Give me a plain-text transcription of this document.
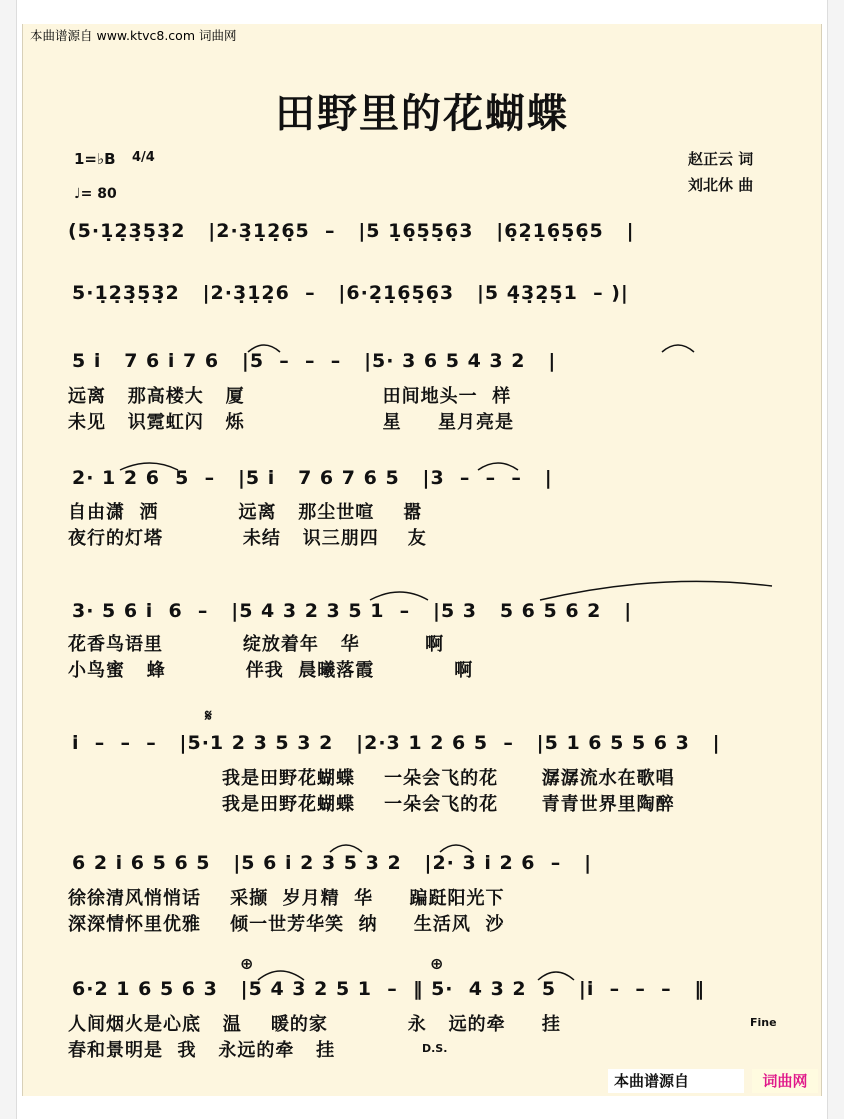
本曲谱源自 www.ktvc8.com 词曲网
田野里的花蝴蝶
1=♭B 4/4
♩= 80
赵正云 词
刘北休 曲
(5·1̣2̣3̣5̣3̣2   |2·3̣1̣2̣6̣5  –   |5 1̣6̣5̣5̣6̣3   |6̣2̣1̣6̣5̣6̣5   |
5·1̣2̣3̣5̣3̣2   |2·3̣1̣2̣6  –   |6·2̣1̣6̣5̣6̣3   |5 4̣3̣2̣5̣1  – )|
5 i   7 6 i 7 6   |5  –  –  –   |5· 3 6 5 4 3 2   |
远离   那高楼大   厦                   田间地头一  样
未见   识霓虹闪   烁                   星     星月亮是
2· 1 2 6  5  –   |5 i   7 6 7 6 5   |3  –  –  –   |
自由潇  洒           远离   那尘世喧    嚣
夜行的灯塔           未结   识三朋四    友
3· 5 6 i  6  –   |5 4 3 2 3 5 1  –   |5 3   5 6 5 6 2   |
花香鸟语里           绽放着年   华         啊
小鸟蜜   蜂           伴我  晨曦落霞           啊
𝄋
i  –  –  –   |5·1 2 3 5 3 2   |2·3 1 2 6 5  –   |5 1 6 5 5 6 3   |
我是田野花蝴蝶    一朵会飞的花      潺潺流水在歌唱
我是田野花蝴蝶    一朵会飞的花      青青世界里陶醉
6 2 i 6 5 6 5   |5 6 i 2 3 5 3 2   |2· 3 i 2 6  –   |
徐徐清风悄悄话    采撷  岁月精  华     蹁跹阳光下
深深情怀里优雅    倾一世芳华笑  纳     生活风  沙
⊕	⊕
6·2 1 6 5 6 3   |5 4 3 2 5 1  –  ‖ 5·  4 3 2  5   |i  –  –  –   ‖
人间烟火是心底   温    暖的家           永   远的牵     挂
春和景明是  我   永远的牵   挂
Fine
D.S.
本曲谱源自	词曲网
